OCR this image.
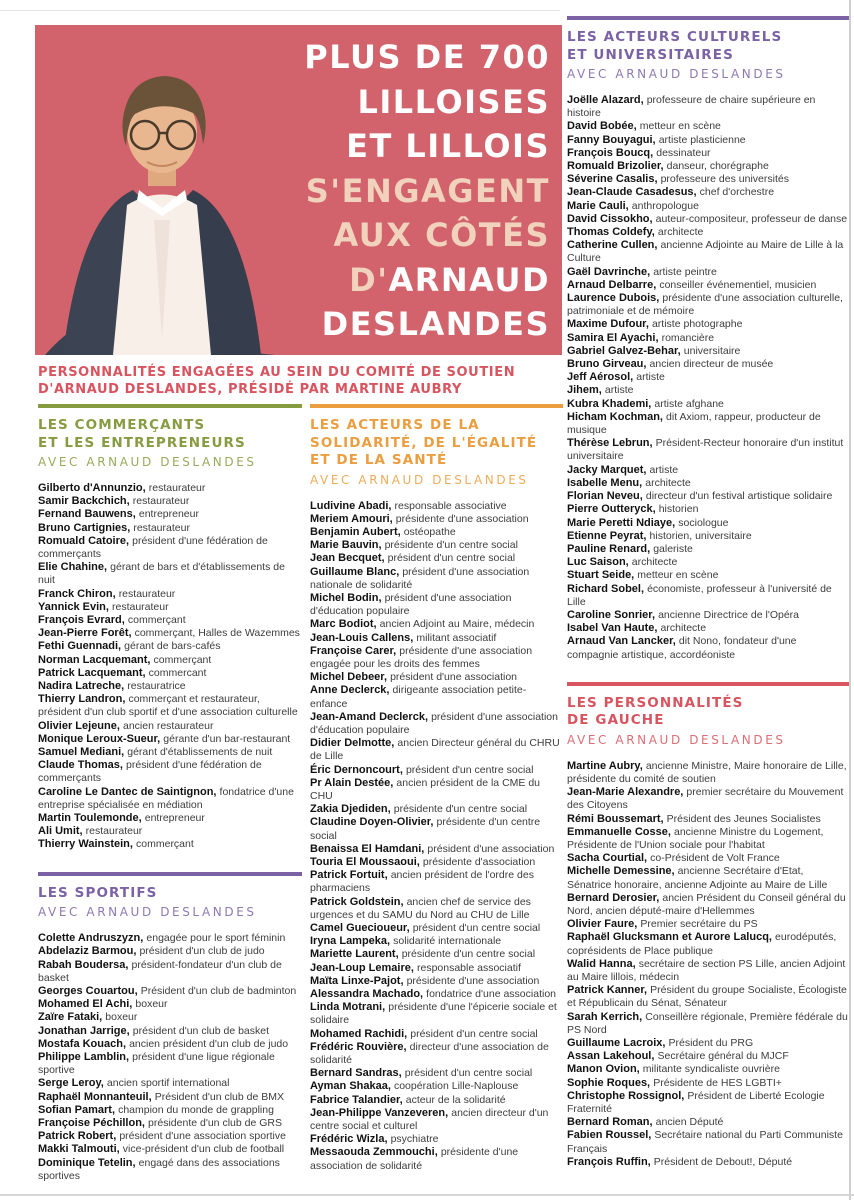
PLUS DE 700
LILLOISES
ET LILLOIS
S'ENGAGENT
AUX CÔTÉS
D'ARNAUD
DESLANDES
PERSONNALITÉS ENGAGÉES AU SEIN DU COMITÉ DE SOUTIEN
D'ARNAUD DESLANDES, PRÉSIDÉ PAR MARTINE AUBRY
LES COMMERÇANTS
ET LES ENTREPRENEURS
AVEC ARNAUD DESLANDES

Gilberto d'Annunzio, restaurateur

Samir Backchich, restaurateur

Fernand Bauwens, entrepreneur

Bruno Cartignies, restaurateur

Romuald Catoire, président d'une fédération de commerçants

Elie Chahine, gérant de bars et d'établissements de nuit

Franck Chiron, restaurateur

Yannick Evin, restaurateur

François Evrard, commerçant

Jean-Pierre Forêt, commerçant, Halles de Wazemmes

Fethi Guennadi, gérant de bars-cafés

Norman Lacquemant, commerçant

Patrick Lacquemant, commercant

Nadira Latreche, restauratrice

Thierry Landron, commerçant et restaurateur, président d'un club sportif et d'une association culturelle

Olivier Lejeune, ancien restaurateur

Monique Leroux-Sueur, gérante d'un bar-restaurant

Samuel Mediani, gérant d'établissements de nuit

Claude Thomas, président d'une fédération de commerçants

Caroline Le Dantec de Saintignon, fondatrice d'une entreprise spécialisée en médiation

Martin Toulemonde, entrepreneur

Ali Umit, restaurateur

Thierry Wainstein, commerçant

LES SPORTIFS
AVEC ARNAUD DESLANDES

Colette Andruszyzn, engagée pour le sport féminin

Abdelaziz Barmou, président d'un club de judo

Rabah Boudersa, président-fondateur d'un club de basket

Georges Couartou, Président d'un club de badminton

Mohamed El Achi, boxeur

Zaïre Fataki, boxeur

Jonathan Jarrige, président d'un club de basket

Mostafa Kouach, ancien président d'un club de judo

Philippe Lamblin, président d'une ligue régionale sportive

Serge Leroy, ancien sportif international

Raphaël Monnanteuil, Président d'un club de BMX

Sofian Pamart, champion du monde de grappling

Françoise Péchillon, présidente d'un club de GRS

Patrick Robert, président d'une association sportive

Makki Talmouti, vice-président d'un club de football

Dominique Tetelin, engagé dans des associations sportives

LES ACTEURS DE LA
SOLIDARITÉ, DE L'ÉGALITÉ
ET DE LA SANTÉ
AVEC ARNAUD DESLANDES

Ludivine Abadi, responsable associative

Meriem Amouri, présidente d'une association

Benjamin Aubert, ostéopathe

Marie Bauvin, présidente d'un centre social

Jean Becquet, président d'un centre social

Guillaume Blanc, président d'une association nationale de solidarité

Michel Bodin, président d'une association d'éducation populaire

Marc Bodiot, ancien Adjoint au Maire, médecin

Jean-Louis Callens, militant associatif

Françoise Carer, présidente d'une association engagée pour les droits des femmes

Michel Debeer, président d'une association

Anne Declerck, dirigeante association petite-enfance

Jean-Amand Declerck, président d'une association d'éducation populaire

Didier Delmotte, ancien Directeur général du CHRU de Lille

Éric Dernoncourt, président d'un centre social

Pr Alain Destée, ancien président de la CME du CHU

Zakia Djediden, présidente d'un centre social

Claudine Doyen-Olivier, présidente d'un centre social

Benaissa El Hamdani, président d'une association

Touria El Moussaoui, présidente d'association

Patrick Fortuit, ancien président de l'ordre des pharmaciens

Patrick Goldstein, ancien chef de service des urgences et du SAMU du Nord au CHU de Lille

Camel Guecioueur, président d'un centre social

Iryna Lampeka, solidarité internationale

Mariette Laurent, présidente d'un centre social

Jean-Loup Lemaire, responsable associatif

Maïta Linxe-Pajot, présidente d'une association

Alessandra Machado, fondatrice d'une association

Linda Motrani, présidente d'une l'épicerie sociale et solidaire

Mohamed Rachidi, président d'un centre social

Frédéric Rouvière, directeur d'une association de solidarité

Bernard Sandras, président d'un centre social

Ayman Shakaa, coopération Lille-Naplouse

Fabrice Talandier, acteur de la solidarité

Jean-Philippe Vanzeveren, ancien directeur d'un centre social et culturel

Frédéric Wizla, psychiatre

Messaouda Zemmouchi, présidente d'une association de solidarité

LES ACTEURS CULTURELS
ET UNIVERSITAIRES
AVEC ARNAUD DESLANDES

Joëlle Alazard, professeure de chaire supérieure en histoire

David Bobée, metteur en scène

Fanny Bouyagui, artiste plasticienne

François Boucq, dessinateur

Romuald Brizolier, danseur, chorégraphe

Séverine Casalis, professeure des universités

Jean-Claude Casadesus, chef d'orchestre

Marie Cauli, anthropologue

David Cissokho, auteur-compositeur, professeur de danse

Thomas Coldefy, architecte

Catherine Cullen, ancienne Adjointe au Maire de Lille à la Culture

Gaël Davrinche, artiste peintre

Arnaud Delbarre, conseiller événementiel, musicien

Laurence Dubois, présidente d'une association culturelle, patrimoniale et de mémoire

Maxime Dufour, artiste photographe

Samira El Ayachi, romancière

Gabriel Galvez-Behar, universitaire

Bruno Girveau, ancien directeur de musée

Jeff Aérosol, artiste

Jihem, artiste

Kubra Khademi, artiste afghane

Hicham Kochman, dit Axiom, rappeur, producteur de musique

Thérèse Lebrun, Président-Recteur honoraire d'un institut universitaire

Jacky Marquet, artiste

Isabelle Menu, architecte

Florian Neveu, directeur d'un festival artistique solidaire

Pierre Outteryck, historien

Marie Peretti Ndiaye, sociologue

Etienne Peyrat, historien, universitaire

Pauline Renard, galeriste

Luc Saison, architecte

Stuart Seide, metteur en scène

Richard Sobel, économiste, professeur à l'université de Lille

Caroline Sonrier, ancienne Directrice de l'Opéra

Isabel Van Haute, architecte

Arnaud Van Lancker, dit Nono, fondateur d'une compagnie artistique, accordéoniste

LES PERSONNALITÉS
DE GAUCHE
AVEC ARNAUD DESLANDES

Martine Aubry, ancienne Ministre, Maire honoraire de Lille, présidente du comité de soutien

Jean-Marie Alexandre, premier secrétaire du Mouvement des Citoyens

Rémi Boussemart, Président des Jeunes Socialistes

Emmanuelle Cosse, ancienne Ministre du Logement, Présidente de l'Union sociale pour l'habitat

Sacha Courtial, co-Président de Volt France

Michelle Demessine, ancienne Secrétaire d'Etat, Sénatrice honoraire, ancienne Adjointe au Maire de Lille

Bernard Derosier, ancien Président du Conseil général du Nord, ancien député-maire d'Hellemmes

Olivier Faure, Premier secrétaire du PS

Raphaël Glucksmann et Aurore Lalucq, eurodéputés, coprésidents de Place publique

Walid Hanna, secrétaire de section PS Lille, ancien Adjoint au Maire lillois, médecin

Patrick Kanner, Président du groupe Socialiste, Écologiste et Républicain du Sénat, Sénateur

Sarah Kerrich, Conseillère régionale, Première fédérale du PS Nord

Guillaume Lacroix, Président du PRG

Assan Lakehoul, Secrétaire général du MJCF

Manon Ovion, militante syndicaliste ouvrière

Sophie Roques, Présidente de HES LGBTI+

Christophe Rossignol, Président de Liberté Ecologie Fraternité

Bernard Roman, ancien Député

Fabien Roussel, Secrétaire national du Parti Communiste Français

François Ruffin, Président de Debout!, Député
